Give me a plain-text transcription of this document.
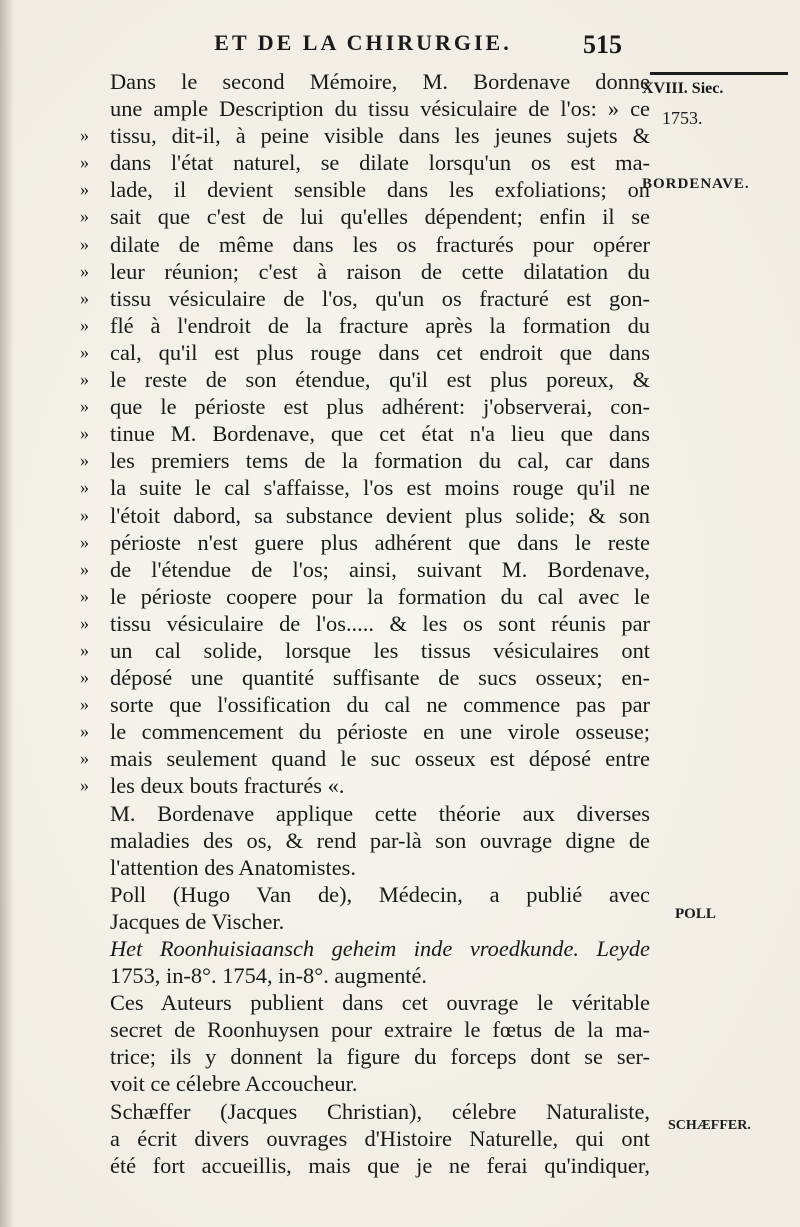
ET DE LA CHIRURGIE.	515
XVIII. Siec.
1753.
BORDENAVE.
POLL
SCHÆFFER.
Dans le second Mémoire, M. Bordenave donne
une ample Description du tissu vésiculaire de l'os: » ce
» tissu, dit-il, à peine visible dans les jeunes sujets &
» dans l'état naturel, se dilate lorsqu'un os est ma-
» lade, il devient sensible dans les exfoliations; on
» sait que c'est de lui qu'elles dépendent; enfin il se
» dilate de même dans les os fracturés pour opérer
» leur réunion; c'est à raison de cette dilatation du
» tissu vésiculaire de l'os, qu'un os fracturé est gon-
» flé à l'endroit de la fracture après la formation du
» cal, qu'il est plus rouge dans cet endroit que dans
» le reste de son étendue, qu'il est plus poreux, &
» que le périoste est plus adhérent: j'observerai, con-
» tinue M. Bordenave, que cet état n'a lieu que dans
» les premiers tems de la formation du cal, car dans
» la suite le cal s'affaisse, l'os est moins rouge qu'il ne
» l'étoit dabord, sa substance devient plus solide; & son
» périoste n'est guere plus adhérent que dans le reste
» de l'étendue de l'os; ainsi, suivant M. Bordenave,
» le périoste coopere pour la formation du cal avec le
» tissu vésiculaire de l'os..... & les os sont réunis par
» un cal solide, lorsque les tissus vésiculaires ont
» déposé une quantité suffisante de sucs osseux; en-
» sorte que l'ossification du cal ne commence pas par
» le commencement du périoste en une virole osseuse;
» mais seulement quand le suc osseux est déposé entre
» les deux bouts fracturés «.
M. Bordenave applique cette théorie aux diverses
maladies des os, & rend par-là son ouvrage digne de
l'attention des Anatomistes.
Poll (Hugo Van de), Médecin, a publié avec
Jacques de Vischer.
Het Roonhuisiaansch geheim inde vroedkunde. Leyde
1753, in-8°. 1754, in-8°. augmenté.
Ces Auteurs publient dans cet ouvrage le véritable
secret de Roonhuysen pour extraire le fœtus de la ma-
trice; ils y donnent la figure du forceps dont se ser-
voit ce célebre Accoucheur.
Schæffer (Jacques Christian), célebre Naturaliste,
a écrit divers ouvrages d'Histoire Naturelle, qui ont
été fort accueillis, mais que je ne ferai qu'indiquer,
